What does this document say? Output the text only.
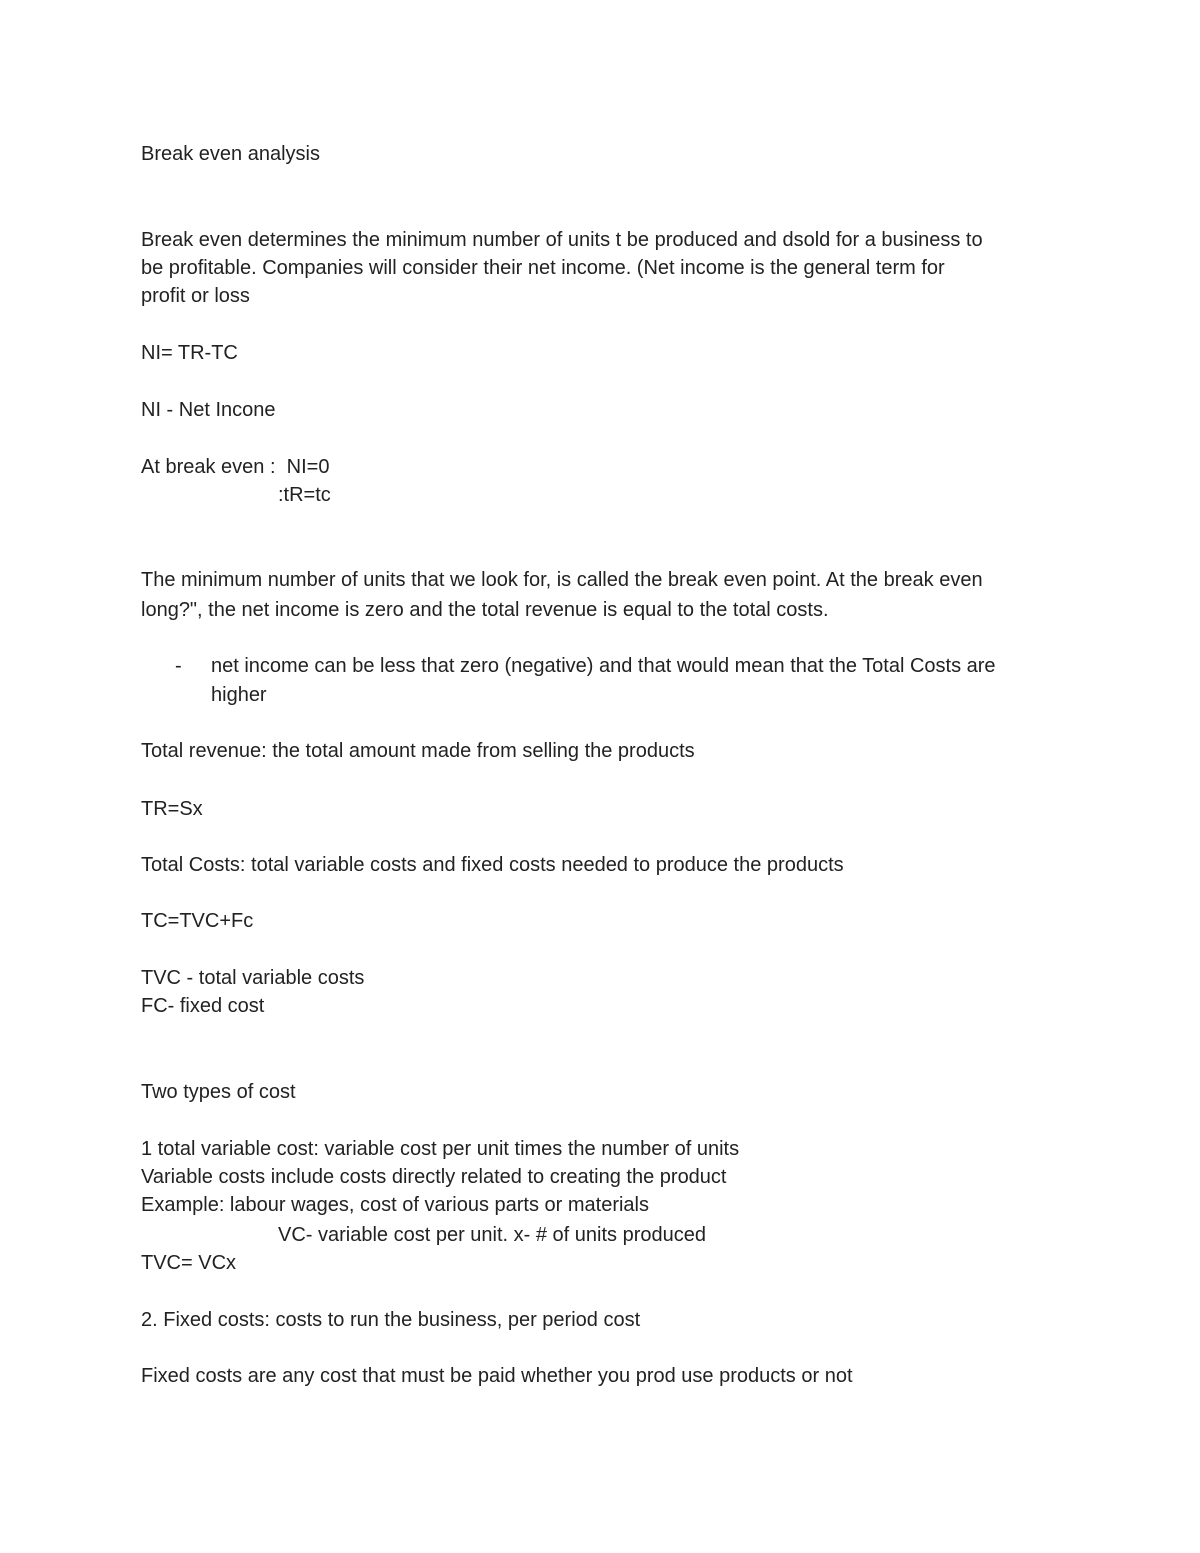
Break even analysis
Break even determines the minimum number of units t be produced and dsold for a business to
be profitable. Companies will consider their net income. (Net income is the general term for
profit or loss
NI= TR-TC
NI - Net Incone
At break even :  NI=0
:tR=tc
The minimum number of units that we look for, is called the break even point. At the break even
long?", the net income is zero and the total revenue is equal to the total costs.
- net income can be less that zero (negative) and that would mean that the Total Costs are
higher
Total revenue: the total amount made from selling the products
TR=Sx
Total Costs: total variable costs and fixed costs needed to produce the products
TC=TVC+Fc
TVC - total variable costs
FC- fixed cost
Two types of cost
1 total variable cost: variable cost per unit times the number of units
Variable costs include costs directly related to creating the product
Example: labour wages, cost of various parts or materials
VC- variable cost per unit. x- # of units produced
TVC= VCx
2. Fixed costs: costs to run the business, per period cost
Fixed costs are any cost that must be paid whether you prod use products or not
